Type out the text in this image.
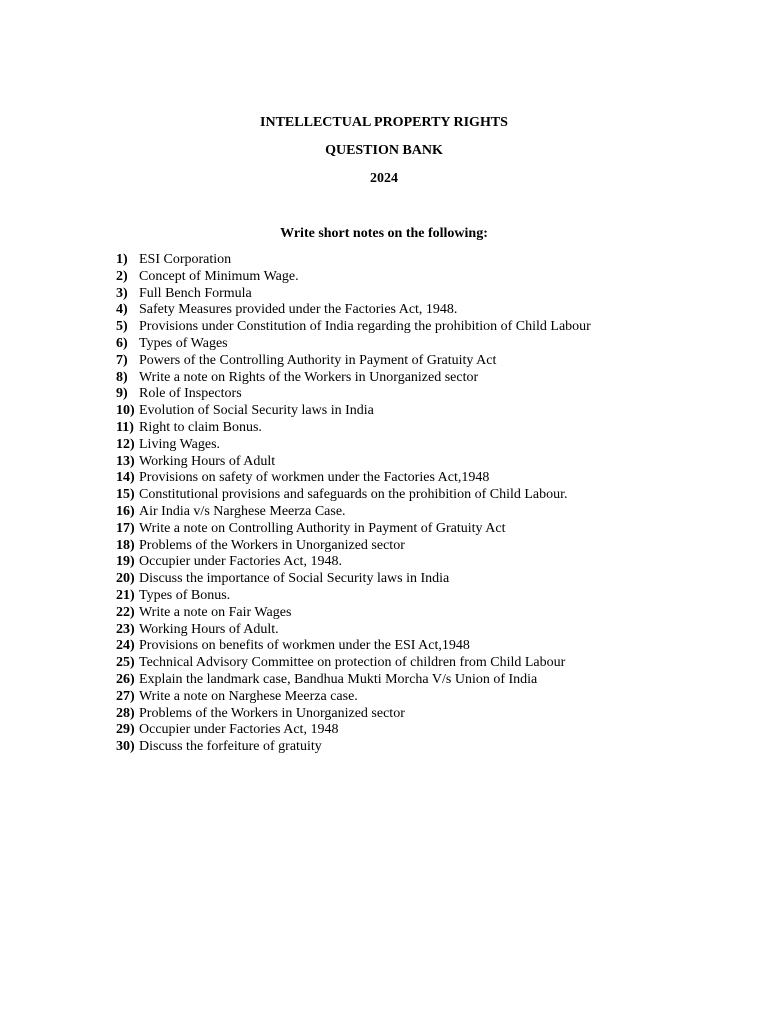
INTELLECTUAL PROPERTY RIGHTS
QUESTION BANK
2024
Write short notes on the following:
1) ESI Corporation
2) Concept of Minimum Wage.
3) Full Bench Formula
4) Safety Measures provided under the Factories Act, 1948.
5) Provisions under Constitution of India regarding the prohibition of Child Labour
6) Types of Wages
7) Powers of the Controlling Authority in Payment of Gratuity Act
8) Write a note on Rights of the Workers in Unorganized sector
9) Role of Inspectors
10) Evolution of Social Security laws in India
11) Right to claim Bonus.
12) Living Wages.
13) Working Hours of Adult
14) Provisions on safety of workmen under the Factories Act,1948
15) Constitutional provisions and safeguards on the prohibition of Child Labour.
16) Air India v/s Narghese Meerza Case.
17) Write a note on Controlling Authority in Payment of Gratuity Act
18) Problems of the Workers in Unorganized sector
19) Occupier under Factories Act, 1948.
20) Discuss the importance of Social Security laws in India
21) Types of Bonus.
22) Write a note on Fair Wages
23) Working Hours of Adult.
24) Provisions on benefits of workmen under the ESI Act,1948
25) Technical Advisory Committee on protection of children from Child Labour
26) Explain the landmark case, Bandhua Mukti Morcha V/s Union of India
27) Write a note on Narghese Meerza case.
28) Problems of the Workers in Unorganized sector
29) Occupier under Factories Act, 1948
30) Discuss the forfeiture of gratuity
